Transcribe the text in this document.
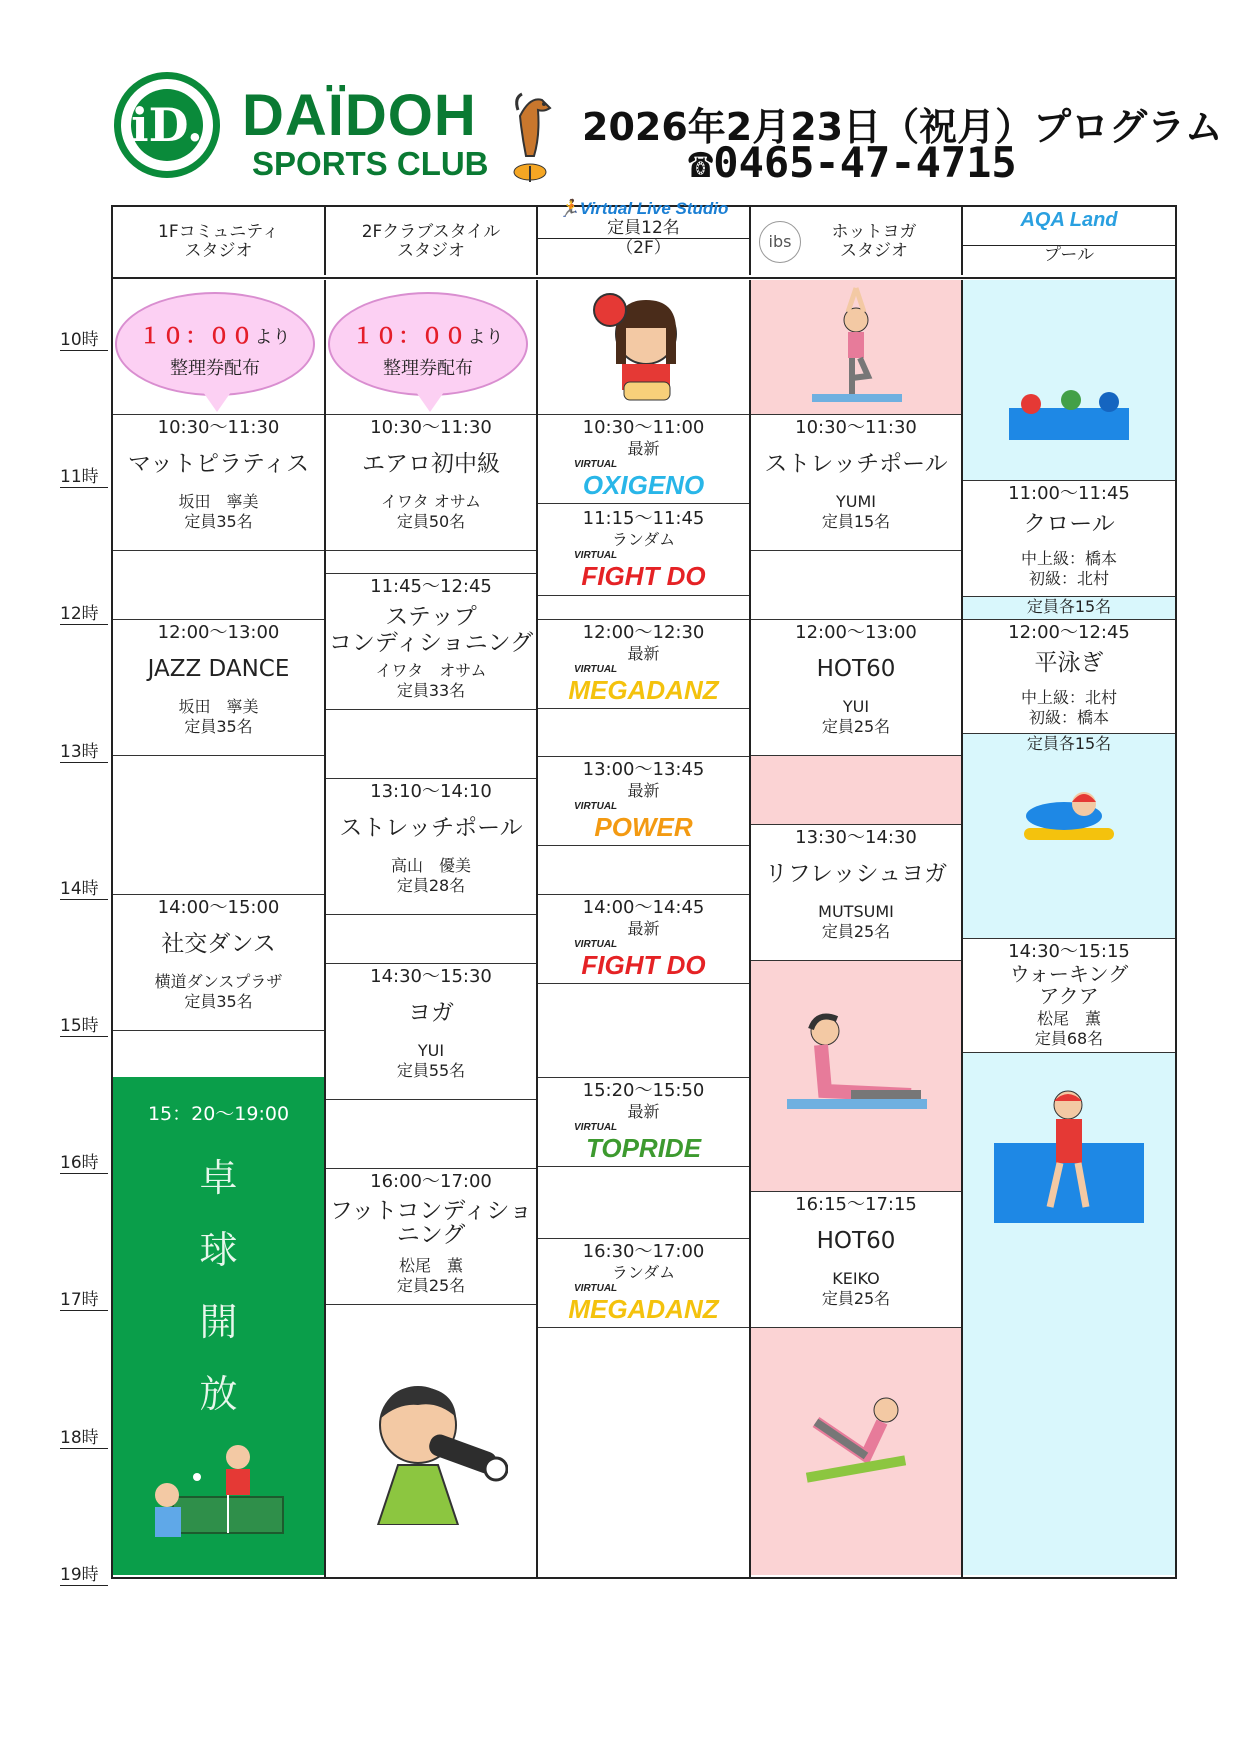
iD. DAÏDOH
SPORTS CLUB
2026年2月23日（祝月）プログラム
☎0465-47-4715
1Fコミュニティ
スタジオ
2Fクラブスタイル
スタジオ
🏃Virtual Live Studio
定員12名
（2F）	ibs	ホットヨガ
スタジオ
AQA Land
プール
10時
11時
12時
13時
14時
15時
16時
17時
18時
19時
１０：００より
整理券配布
10:30〜11:30
マットピラティス
坂田　寧美
定員35名
12:00〜13:00
JAZZ DANCE
坂田　寧美
定員35名
14:00〜15:00
社交ダンス
横道ダンスプラザ
定員35名
15：20〜19:00
卓
球
開
放
１０：００より
整理券配布
10:30〜11:30
エアロ初中級
イワタ オサム
定員50名
11:45〜12:45
ステップ
コンディショニング
イワタ　オサム
定員33名
13:10〜14:10
ストレッチポール
高山　優美
定員28名
14:30〜15:30
ヨガ
YUI
定員55名
16:00〜17:00
フットコンディショ
ニング
松尾　薫
定員25名
10:30〜11:00
最新
VIRTUAL
OXIGENO
11:15〜11:45
ランダム
VIRTUAL
FIGHT DO
12:00〜12:30
最新
VIRTUAL
MEGADANZ
13:00〜13:45
最新
VIRTUAL
POWER
14:00〜14:45
最新
VIRTUAL
FIGHT DO
15:20〜15:50
最新
VIRTUAL
TOPRIDE
16:30〜17:00
ランダム
VIRTUAL
MEGADANZ
10:30〜11:30
ストレッチポール
YUMI
定員15名
12:00〜13:00
HOT60
YUI
定員25名
13:30〜14:30
リフレッシュヨガ
MUTSUMI
定員25名
16:15〜17:15
HOT60
KEIKO
定員25名
11:00〜11:45
クロール
中上級：橋本
初級：北村
定員各15名
12:00〜12:45
平泳ぎ
中上級：北村
初級：橋本
定員各15名
14:30〜15:15
ウォーキング
アクア
松尾　薫
定員68名
